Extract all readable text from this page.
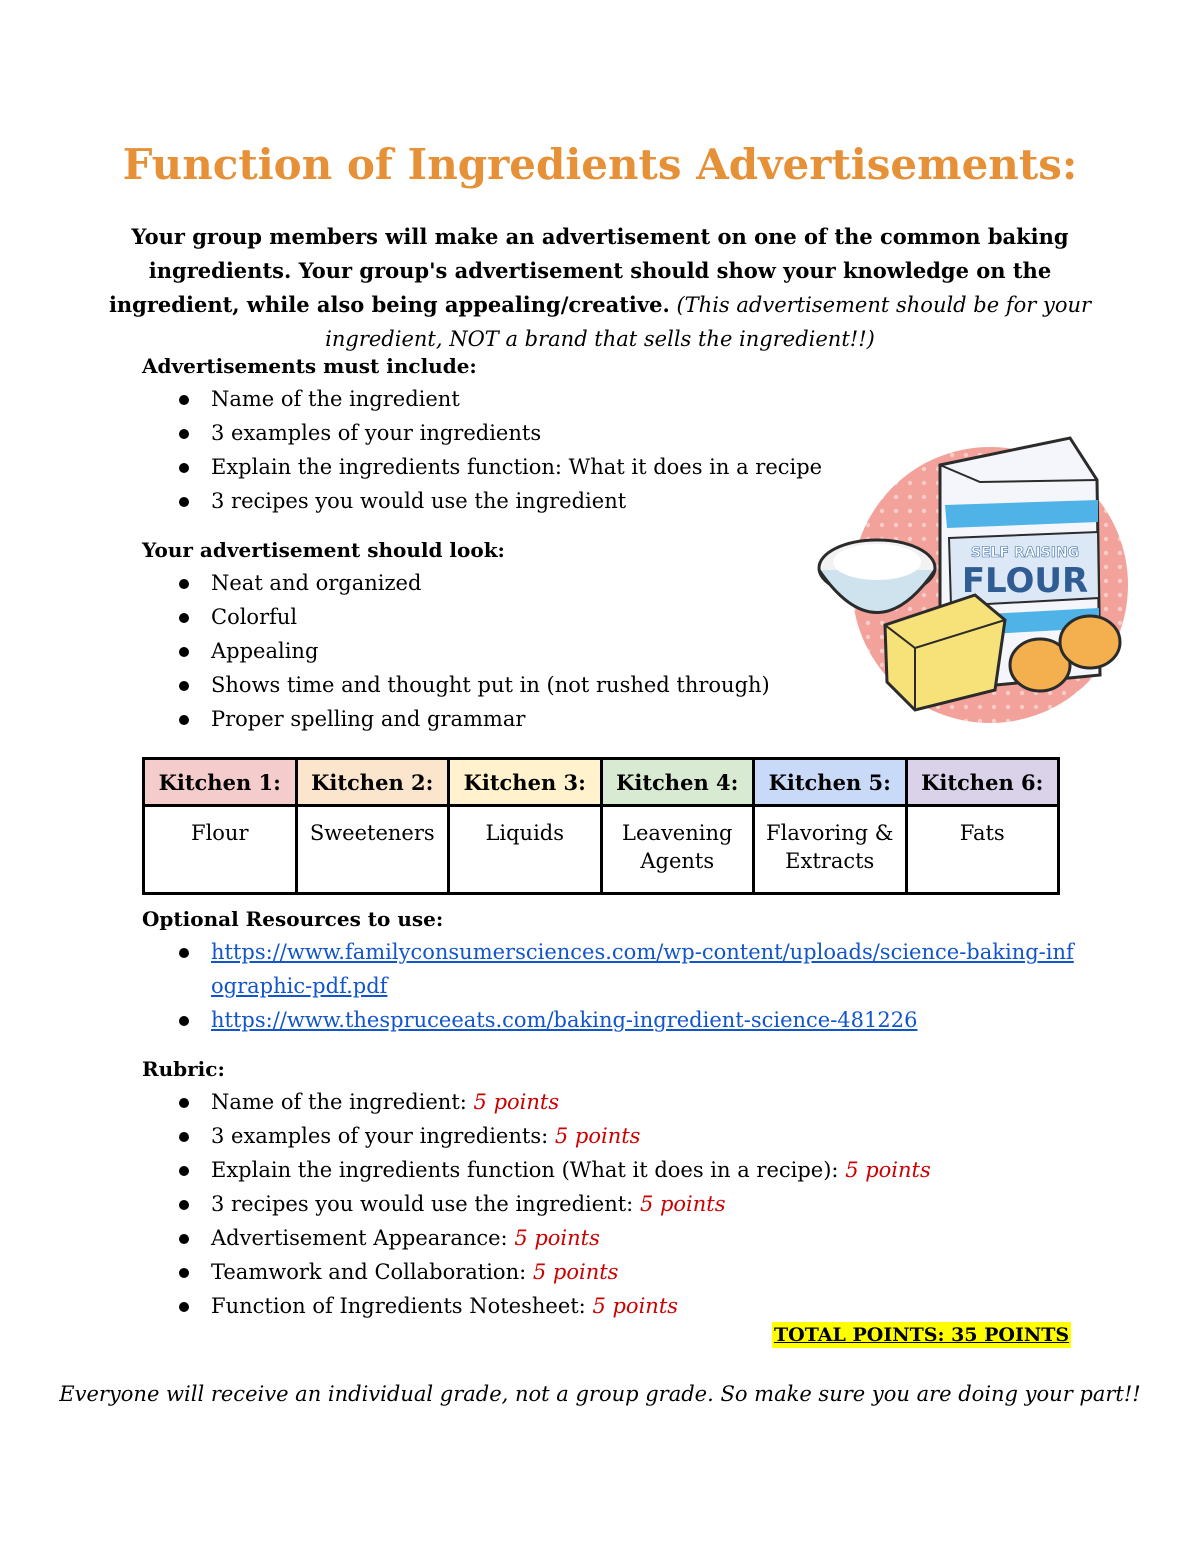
Function of Ingredients Advertisements:
Your group members will make an advertisement on one of the common baking ingredients. Your group's advertisement should show your knowledge on the ingredient, while also being appealing/creative. (This advertisement should be for your ingredient, NOT a brand that sells the ingredient!!)
Advertisements must include:
Name of the ingredient
3 examples of your ingredients
Explain the ingredients function: What it does in a recipe
3 recipes you would use the ingredient
Your advertisement should look:
Neat and organized
Colorful
Appealing
Shows time and thought put in (not rushed through)
Proper spelling and grammar
SELF RAISING
FLOUR
Kitchen 1:	Kitchen 2:	Kitchen 3:	Kitchen 4:	Kitchen 5:	Kitchen 6:
Flour	Sweeteners	Liquids	Leavening Agents	Flavoring & Extracts	Fats
Optional Resources to use:
https://www.familyconsumersciences.com/wp-content/uploads/science-baking-inf
ographic-pdf.pdf
https://www.thespruceeats.com/baking-ingredient-science-481226
Rubric:
Name of the ingredient: 5 points
3 examples of your ingredients: 5 points
Explain the ingredients function (What it does in a recipe): 5 points
3 recipes you would use the ingredient: 5 points
Advertisement Appearance: 5 points
Teamwork and Collaboration: 5 points
Function of Ingredients Notesheet: 5 points
TOTAL POINTS: 35 POINTS
Everyone will receive an individual grade, not a group grade. So make sure you are doing your part!!
